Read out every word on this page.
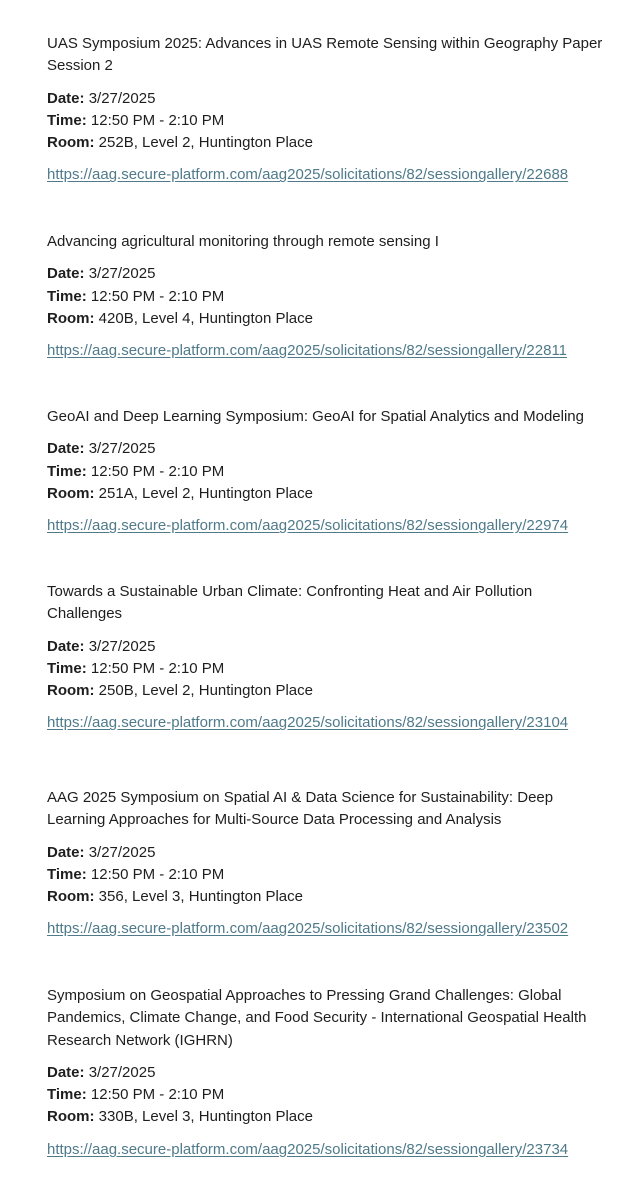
UAS Symposium 2025: Advances in UAS Remote Sensing within Geography Paper Session 2

Date: 3/27/2025
Time: 12:50 PM - 2:10 PM
Room: 252B, Level 2, Huntington Place
https://aag.secure-platform.com/aag2025/solicitations/82/sessiongallery/22688

Advancing agricultural monitoring through remote sensing I

Date: 3/27/2025
Time: 12:50 PM - 2:10 PM
Room: 420B, Level 4, Huntington Place
https://aag.secure-platform.com/aag2025/solicitations/82/sessiongallery/22811

GeoAI and Deep Learning Symposium: GeoAI for Spatial Analytics and Modeling

Date: 3/27/2025
Time: 12:50 PM - 2:10 PM
Room: 251A, Level 2, Huntington Place
https://aag.secure-platform.com/aag2025/solicitations/82/sessiongallery/22974

Towards a Sustainable Urban Climate: Confronting Heat and Air Pollution Challenges

Date: 3/27/2025
Time: 12:50 PM - 2:10 PM
Room: 250B, Level 2, Huntington Place
https://aag.secure-platform.com/aag2025/solicitations/82/sessiongallery/23104

AAG 2025 Symposium on Spatial AI & Data Science for Sustainability: Deep Learning Approaches for Multi-Source Data Processing and Analysis

Date: 3/27/2025
Time: 12:50 PM - 2:10 PM
Room: 356, Level 3, Huntington Place
https://aag.secure-platform.com/aag2025/solicitations/82/sessiongallery/23502

Symposium on Geospatial Approaches to Pressing Grand Challenges: Global Pandemics, Climate Change, and Food Security - International Geospatial Health Research Network (IGHRN)

Date: 3/27/2025
Time: 12:50 PM - 2:10 PM
Room: 330B, Level 3, Huntington Place
https://aag.secure-platform.com/aag2025/solicitations/82/sessiongallery/23734
